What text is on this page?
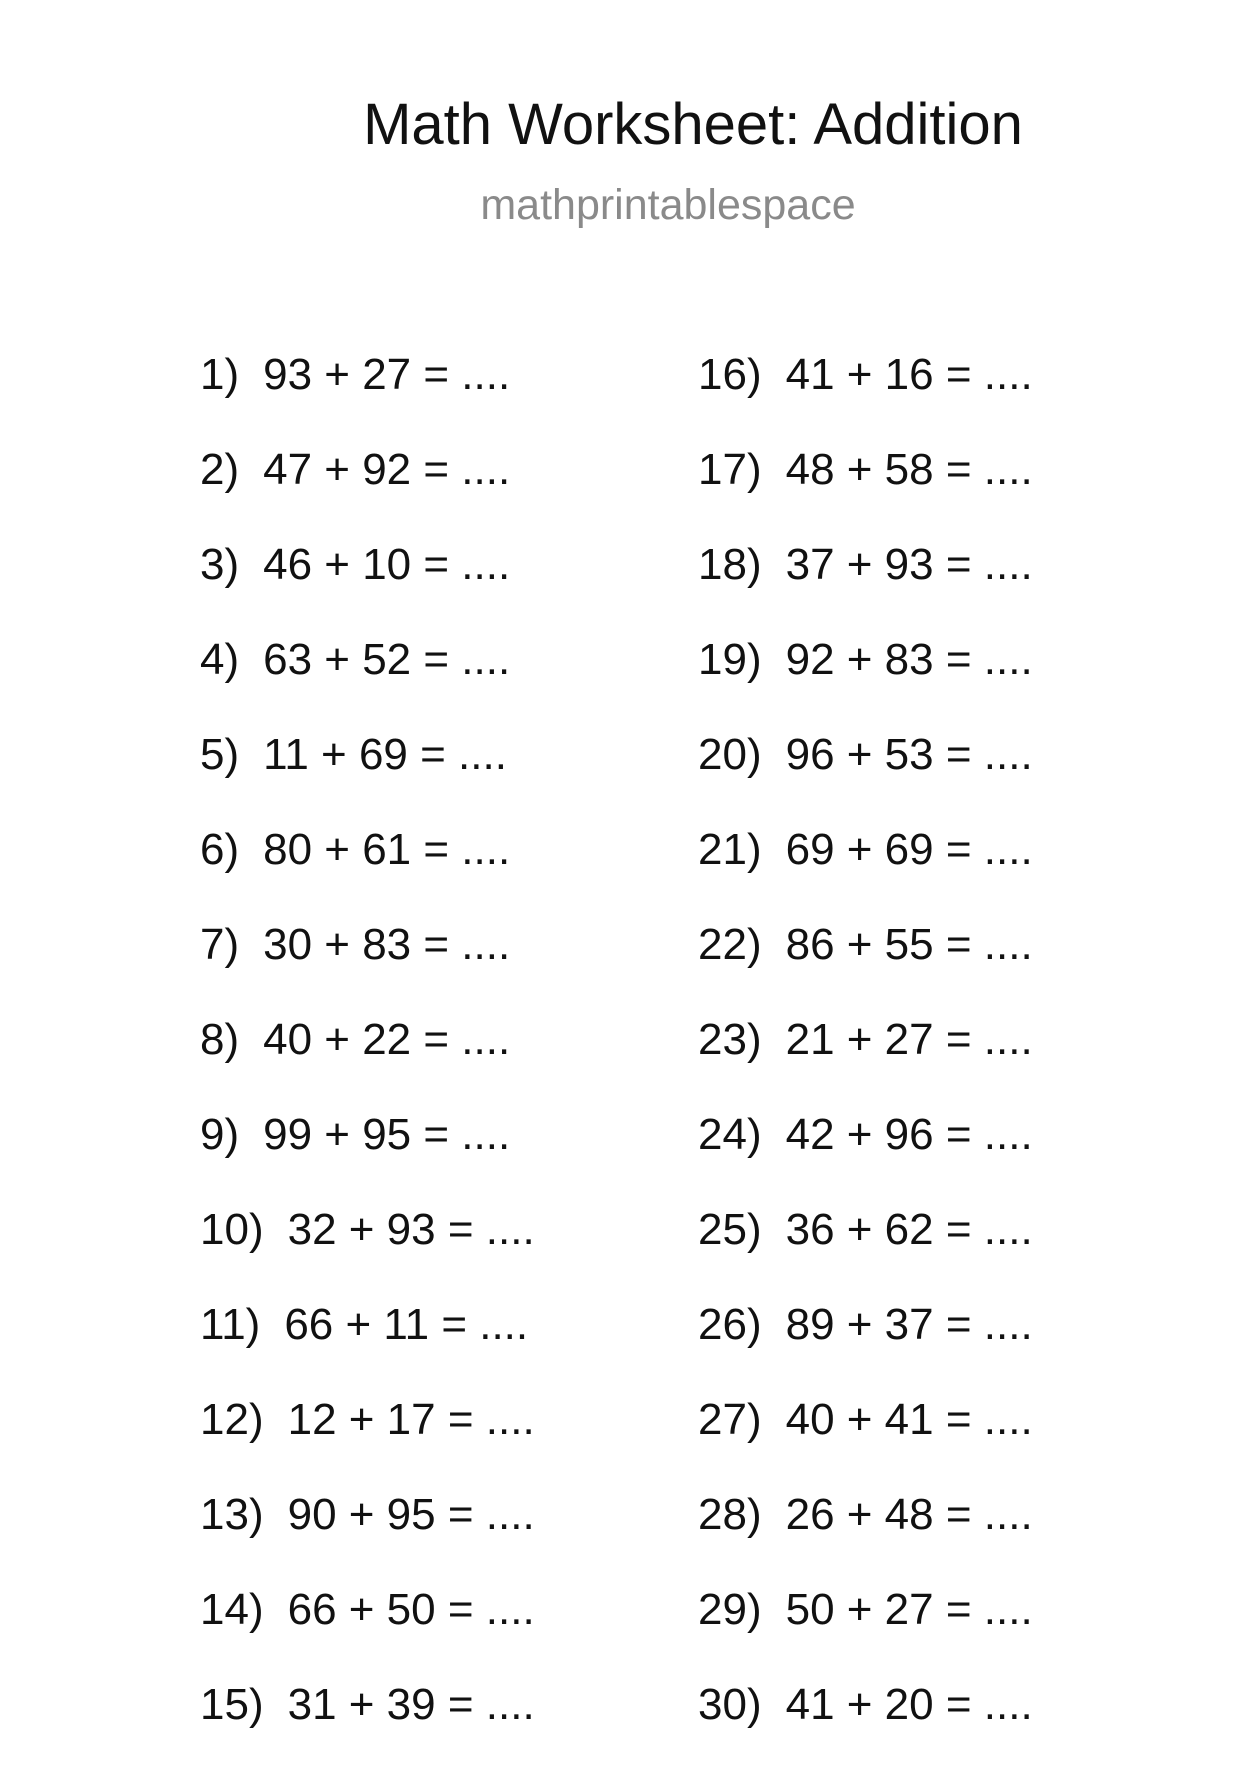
Math Worksheet: Addition
mathprintablespace
1) 93 + 27 = ....
2) 47 + 92 = ....
3) 46 + 10 = ....
4) 63 + 52 = ....
5) 11 + 69 = ....
6) 80 + 61 = ....
7) 30 + 83 = ....
8) 40 + 22 = ....
9) 99 + 95 = ....
10) 32 + 93 = ....
11) 66 + 11 = ....
12) 12 + 17 = ....
13) 90 + 95 = ....
14) 66 + 50 = ....
15) 31 + 39 = ....
16) 41 + 16 = ....
17) 48 + 58 = ....
18) 37 + 93 = ....
19) 92 + 83 = ....
20) 96 + 53 = ....
21) 69 + 69 = ....
22) 86 + 55 = ....
23) 21 + 27 = ....
24) 42 + 96 = ....
25) 36 + 62 = ....
26) 89 + 37 = ....
27) 40 + 41 = ....
28) 26 + 48 = ....
29) 50 + 27 = ....
30) 41 + 20 = ....
